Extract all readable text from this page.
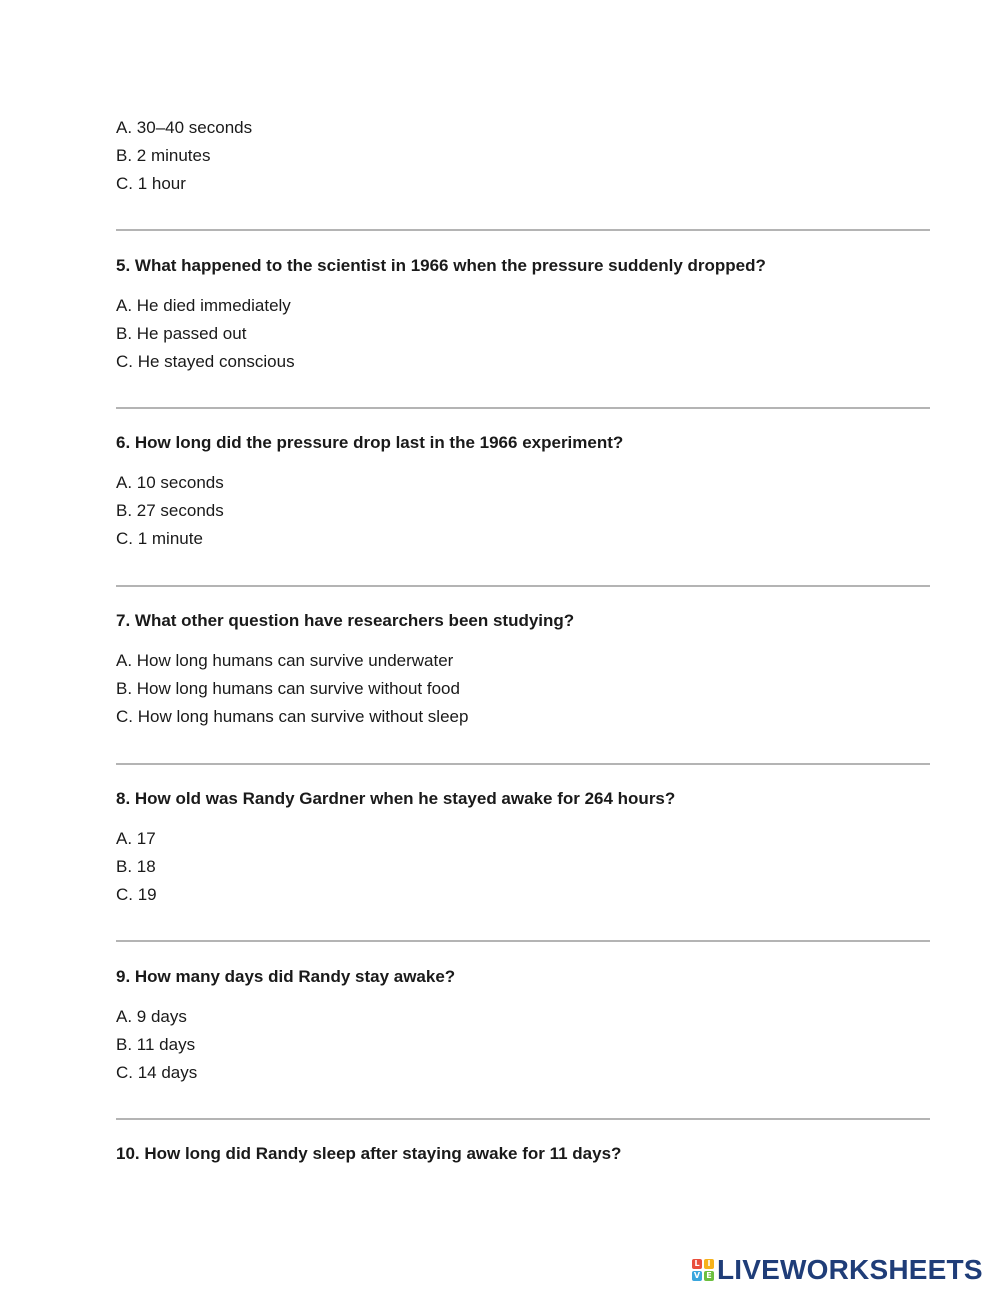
A. 30–40 seconds
B. 2 minutes
C. 1 hour

5. What happened to the scientist in 1966 when the pressure suddenly dropped?

A. He died immediately
B. He passed out
C. He stayed conscious

6. How long did the pressure drop last in the 1966 experiment?

A. 10 seconds
B. 27 seconds
C. 1 minute

7. What other question have researchers been studying?

A. How long humans can survive underwater
B. How long humans can survive without food
C. How long humans can survive without sleep

8. How old was Randy Gardner when he stayed awake for 264 hours?

A. 17
B. 18
C. 19

9. How many days did Randy stay awake?

A. 9 days
B. 11 days
C. 14 days

10. How long did Randy sleep after staying awake for 11 days?

L I
V E LIVEWORKSHEETS
